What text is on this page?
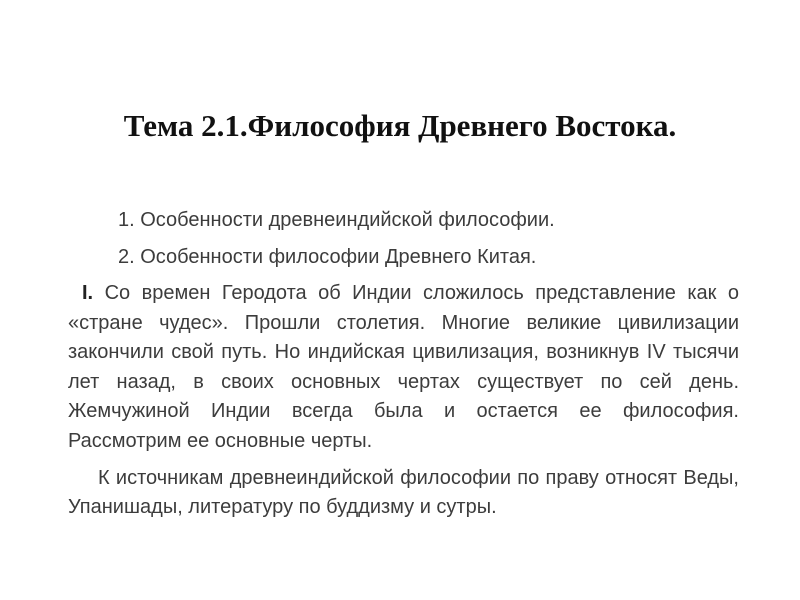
Тема 2.1.Философия Древнего Востока.

1. Особенности древнеиндийской философии.

2. Особенности философии Древнего Китая.

I. Со времен Геродота об Индии сложилось представление как о «стране чудес». Прошли столетия. Многие великие цивилизации закончили свой путь. Но индийская цивилизация, возникнув IV тысячи лет назад, в своих основных чертах существует по сей день. Жемчужиной Индии всегда была и остается ее философия. Рассмотрим ее основные черты.

К источникам древнеиндийской философии по праву относят Веды, Упанишады, литературу по буддизму и сутры.
